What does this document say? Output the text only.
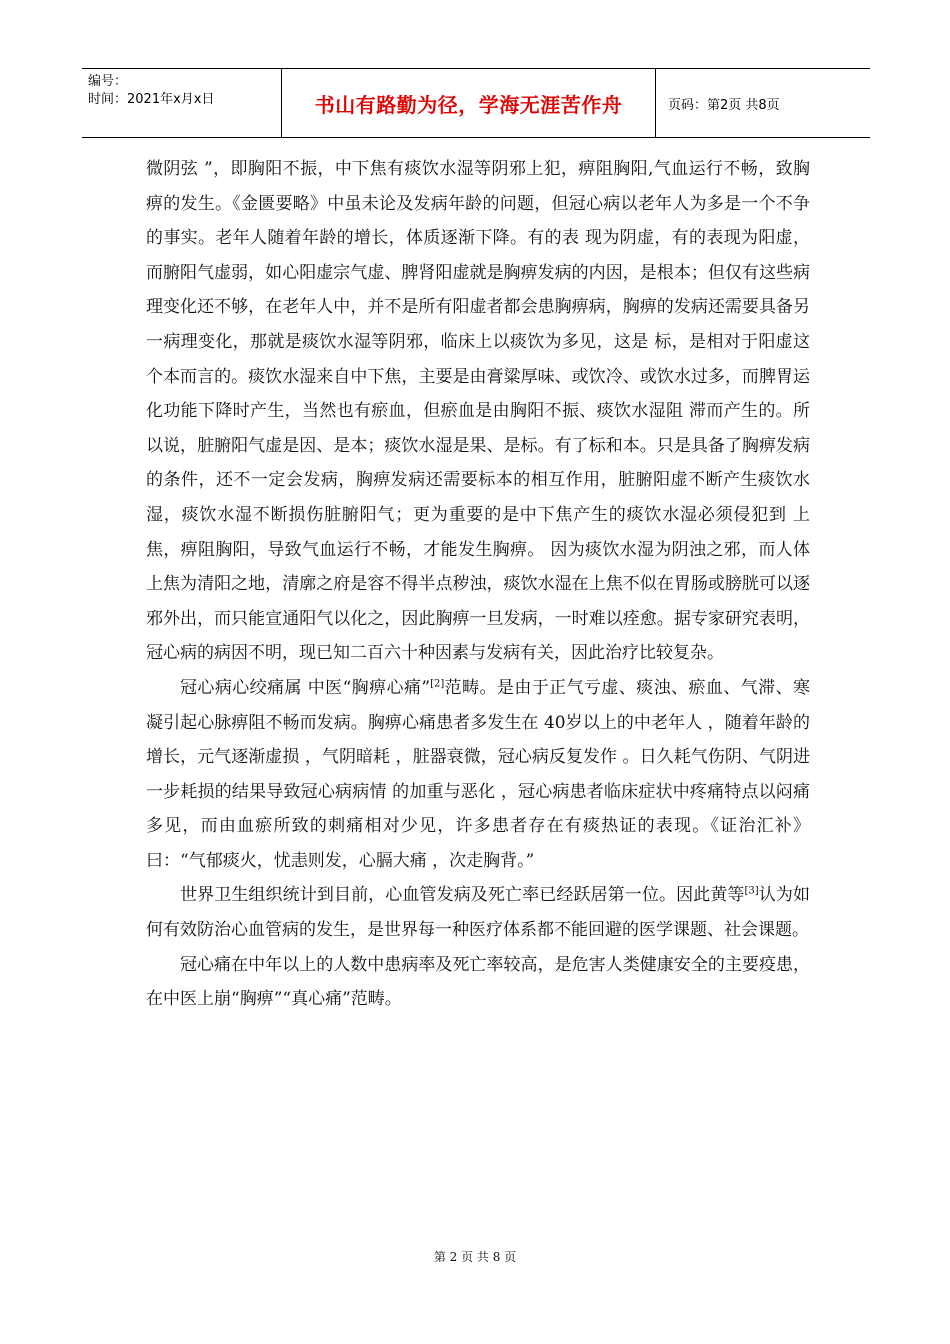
编号：
时间：2021年x月x日	书山有路勤为径，学海无涯苦作舟	页码：第2页 共8页

微阴弦 ”，即胸阳不振，中下焦有痰饮水湿等阴邪上犯，痹阻胸阳,气血运行不畅，致胸痹的发生。《金匮要略》中虽未论及发病年龄的问题，但冠心病以老年人为多是一个不争的事实。老年人随着年龄的增长，体质逐渐下降。有的表 现为阴虚，有的表现为阳虚，而腑阳气虚弱，如心阳虚宗气虚、脾肾阳虚就是胸痹发病的内因，是根本；但仅有这些病理变化还不够，在老年人中，并不是所有阳虚者都会患胸痹病，胸痹的发病还需要具备另一病理变化，那就是痰饮水湿等阴邪，临床上以痰饮为多见，这是 标，是相对于阳虚这个本而言的。痰饮水湿来自中下焦，主要是由膏粱厚味、或饮冷、或饮水过多，而脾胃运化功能下降时产生，当然也有瘀血，但瘀血是由胸阳不振、痰饮水湿阻 滞而产生的。所以说，脏腑阳气虚是因、是本；痰饮水湿是果、是标。有了标和本。只是具备了胸痹发病的条件，还不一定会发病，胸痹发病还需要标本的相互作用，脏腑阳虚不断产生痰饮水湿，痰饮水湿不断损伤脏腑阳气；更为重要的是中下焦产生的痰饮水湿必须侵犯到 上焦，痹阻胸阳，导致气血运行不畅，才能发生胸痹。 因为痰饮水湿为阴浊之邪，而人体上焦为清阳之地，清廓之府是容不得半点秽浊，痰饮水湿在上焦不似在胃肠或膀胱可以逐邪外出，而只能宣通阳气以化之，因此胸痹一旦发病，一时难以痊愈。据专家研究表明，冠心病的病因不明，现已知二百六十种因素与发病有关，因此治疗比较复杂。

冠心病心绞痛属 中医“胸痹心痛”[2]范畴。是由于正气亏虚、痰浊、瘀血、气滞、寒凝引起心脉痹阻不畅而发病。胸痹心痛患者多发生在 40岁以上的中老年人 ，随着年龄的增长，元气逐渐虚损 ，气阴暗耗 ，脏器衰微，冠心病反复发作 。日久耗气伤阴、气阴进一步耗损的结果导致冠心病病情 的加重与恶化 ，冠心病患者临床症状中疼痛特点以闷痛多见，而由血瘀所致的刺痛相对少见，许多患者存在有痰热证的表现。《证治汇补》曰：“气郁痰火，忧恚则发，心膈大痛 ，次走胸背。”

世界卫生组织统计到目前，心血管发病及死亡率已经跃居第一位。因此黄等[3]认为如何有效防治心血管病的发生，是世界每一种医疗体系都不能回避的医学课题、社会课题。

冠心痛在中年以上的人数中患病率及死亡率较高，是危害人类健康安全的主要疫患，在中医上崩“胸痹”“真心痛”范畴。

第 2 页 共 8 页
